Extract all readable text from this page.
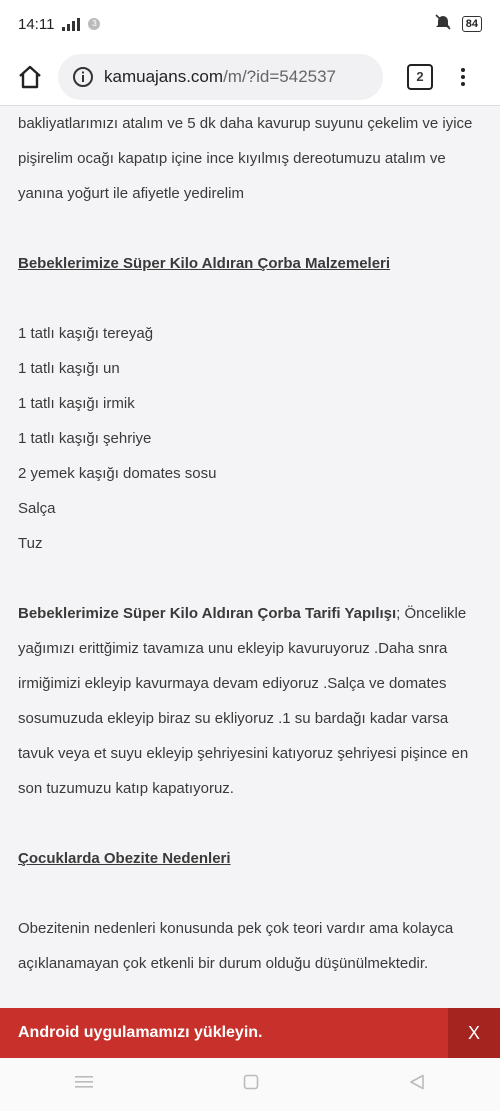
14:11	3	84
kamuajans.com/m/?id=542537	2

bakliyatlarımızı atalım ve 5 dk daha kavurup suyunu çekelim ve iyice

pişirelim ocağı kapatıp içine ince kıyılmış dereotumuzu atalım ve

yanına yoğurt ile afiyetle yedirelim

Bebeklerimize Süper Kilo Aldıran Çorba Malzemeleri

1 tatlı kaşığı tereyağ

1 tatlı kaşığı un

1 tatlı kaşığı irmik

1 tatlı kaşığı şehriye

2 yemek kaşığı domates sosu

Salça

Tuz

Bebeklerimize Süper Kilo Aldıran Çorba Tarifi Yapılışı; Öncelikle

yağımızı erittğimiz tavamıza unu ekleyip kavuruyoruz .Daha snra

irmiğimizi ekleyip kavurmaya devam ediyoruz .Salça ve domates

sosumuzuda ekleyip biraz su ekliyoruz .1 su bardağı kadar varsa

tavuk veya et suyu ekleyip şehriyesini katıyoruz şehriyesi pişince en

son tuzumuzu katıp kapatıyoruz.

Çocuklarda Obezite Nedenleri

Obezitenin nedenleri konusunda pek çok teori vardır ama kolayca

açıklanamayan çok etkenli bir durum olduğu düşünülmektedir.

Android uygulamamızı yükleyin.	X
